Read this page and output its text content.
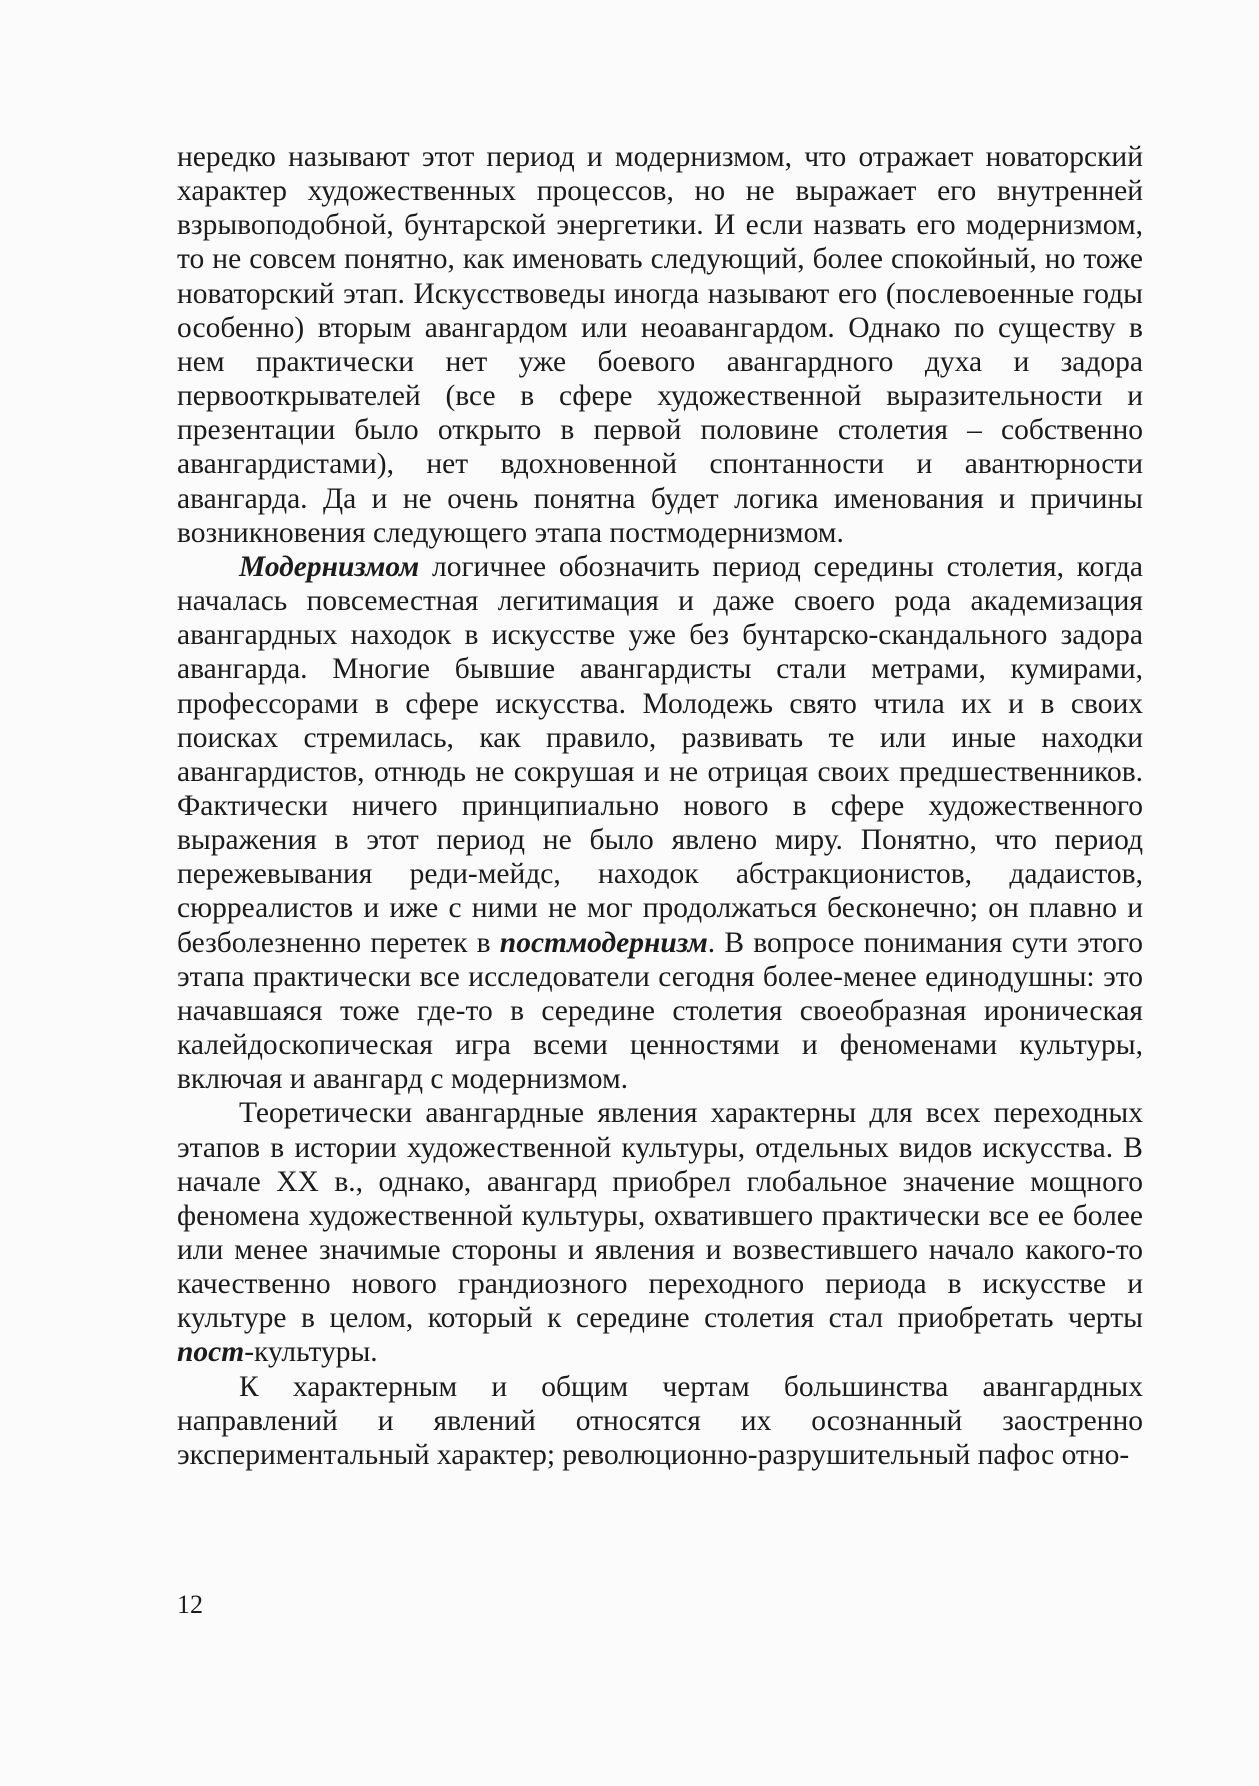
нередко называют этот период и модернизмом, что отражает новаторский характер художественных процессов, но не выражает его внутренней взрывоподобной, бунтарской энергетики. И если назвать его модернизмом, то не совсем понятно, как именовать следующий, более спокойный, но тоже новаторский этап. Искусствоведы иногда называют его (послевоенные годы особенно) вторым авангардом или неоавангардом. Однако по существу в нем практически нет уже боевого авангардного духа и задора первооткрывателей (все в сфере художественной выразительности и презентации было открыто в первой половине столетия – собственно авангардистами), нет вдохновенной спонтанности и авантюрности авангарда. Да и не очень понятна будет логика именования и причины возникновения следующего этапа постмодернизмом.

Модернизмом логичнее обозначить период середины столетия, когда началась повсеместная легитимация и даже своего рода академизация авангардных находок в искусстве уже без бунтарско-скандального задора авангарда. Многие бывшие авангардисты стали метрами, кумирами, профессорами в сфере искусства. Молодежь свято чтила их и в своих поисках стремилась, как правило, развивать те или иные находки авангардистов, отнюдь не сокрушая и не отрицая своих предшественников. Фактически ничего принципиально нового в сфере художественного выражения в этот период не было явлено миру. Понятно, что период пережевывания реди-мейдс, находок абстракционистов, дадаистов, сюрреалистов и иже с ними не мог продолжаться бесконечно; он плавно и безболезненно перетек в постмодернизм. В вопросе понимания сути этого этапа практически все исследователи сегодня более-менее единодушны: это начавшаяся тоже где-то в середине столетия своеобразная ироническая калейдоскопическая игра всеми ценностями и феноменами культуры, включая и авангард с модернизмом.

Теоретически авангардные явления характерны для всех переходных этапов в истории художественной культуры, отдельных видов искусства. В начале XX в., однако, авангард приобрел глобальное значение мощного феномена художественной культуры, охватившего практически все ее более или менее значимые стороны и явления и возвестившего начало какого-то качественно нового грандиозного переходного периода в искусстве и культуре в целом, который к середине столетия стал приобретать черты пост-культуры.

К характерным и общим чертам большинства авангардных направлений и явлений относятся их осознанный заостренно экспериментальный характер; революционно-разрушительный пафос отно-

12
